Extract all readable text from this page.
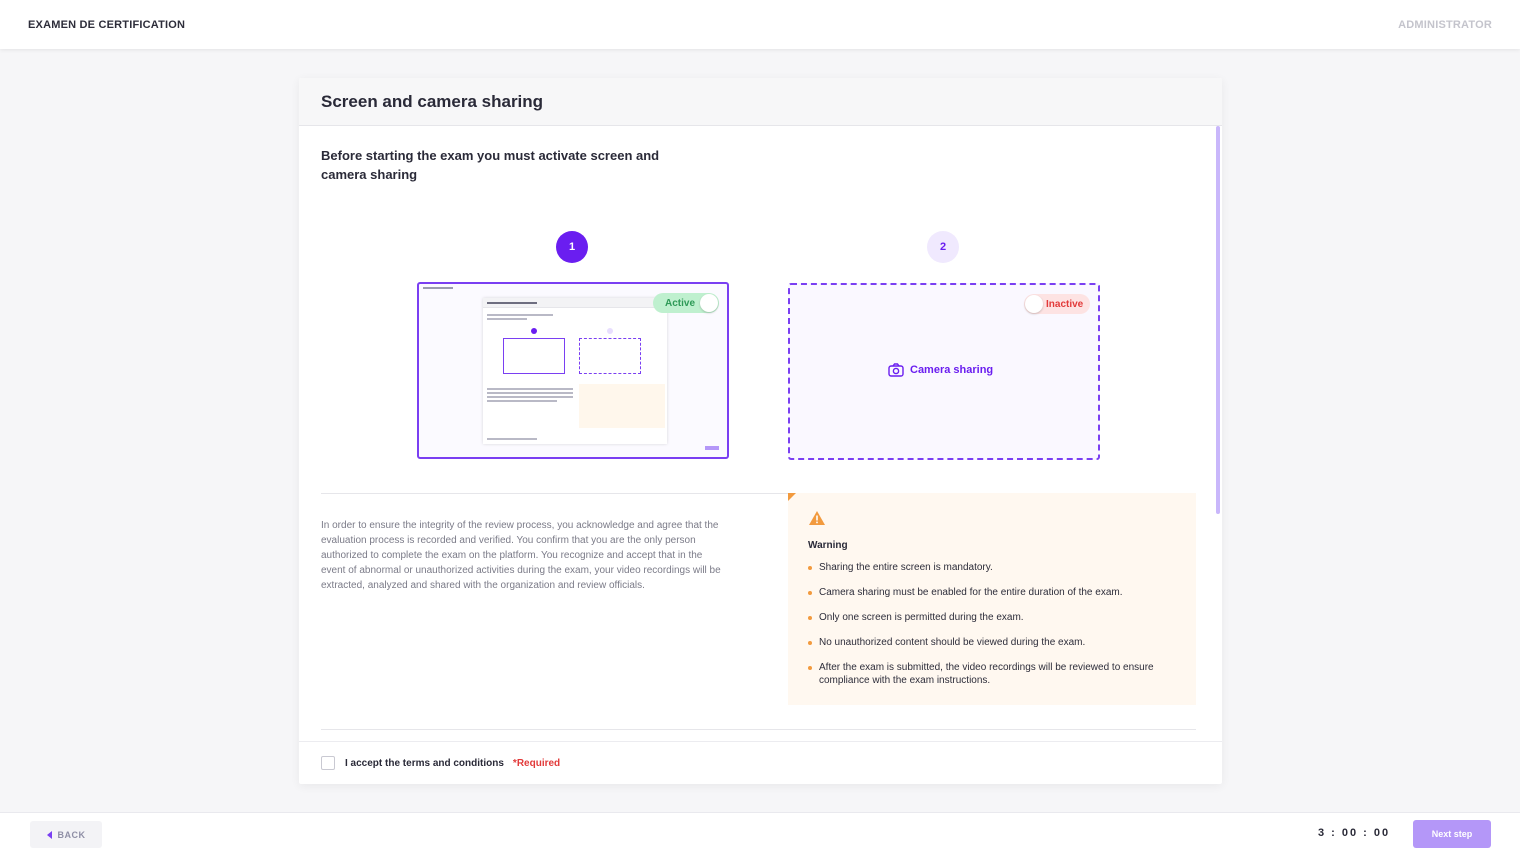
EXAMEN DE CERTIFICATION	ADMINISTRATOR
Screen and camera sharing
Before starting the exam you must activate screen and camera sharing
1	2
Active	Inactive
Camera sharing

In order to ensure the integrity of the review process, you acknowledge and agree that the evaluation process is recorded and verified. You confirm that you are the only person authorized to complete the exam on the platform. You recognize and accept that in the event of abnormal or unauthorized activities during the exam, your video recordings will be extracted, analyzed and shared with the organization and review officials.

Warning
Sharing the entire screen is mandatory.
Camera sharing must be enabled for the entire duration of the exam.
Only one screen is permitted during the exam.
No unauthorized content should be viewed during the exam.
After the exam is submitted, the video recordings will be reviewed to ensure compliance with the exam instructions.
I accept the terms and conditions *Required
BACK	3 : 00 : 00	Next step
